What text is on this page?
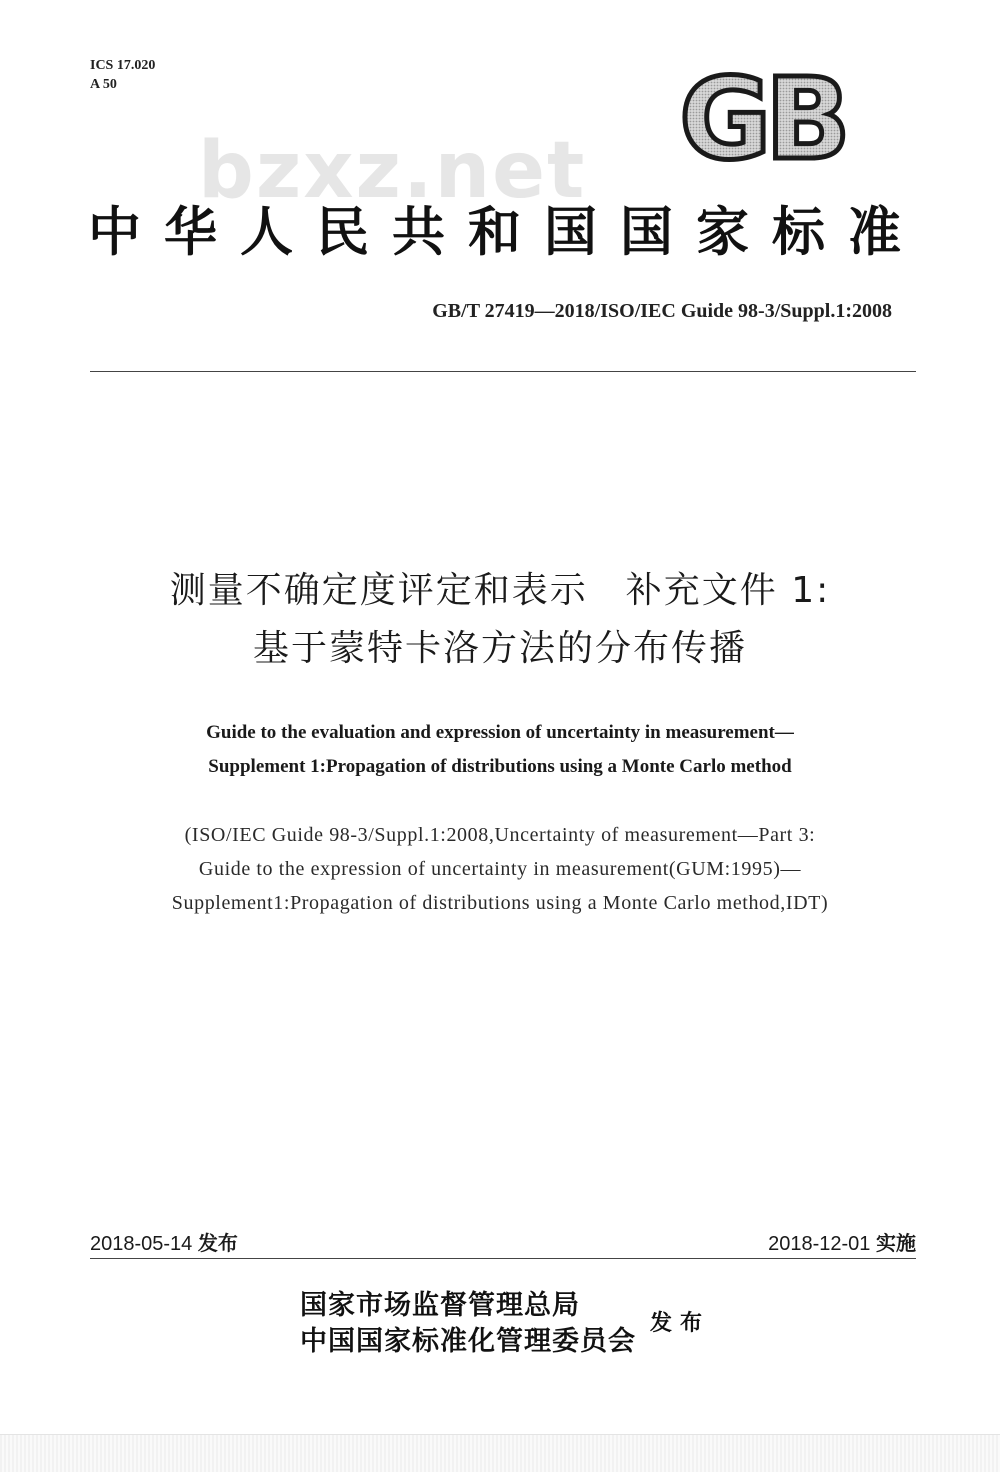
ICS 17.020
A 50	GB
bzxz.net
中华人民共和国国家标准
GB/T 27419—2018/ISO/IEC Guide 98-3/Suppl.1:2008
测量不确定度评定和表示　补充文件 1:
基于蒙特卡洛方法的分布传播
Guide to the evaluation and expression of uncertainty in measurement—
Supplement 1:Propagation of distributions using a Monte Carlo method
(ISO/IEC Guide 98-3/Suppl.1:2008,Uncertainty of measurement—Part 3:
Guide to the expression of uncertainty in measurement(GUM:1995)—
Supplement1:Propagation of distributions using a Monte Carlo method,IDT)
2018-05-14 发布	2018-12-01 实施
国家市场监督管理总局
中国国家标准化管理委员会
发布
